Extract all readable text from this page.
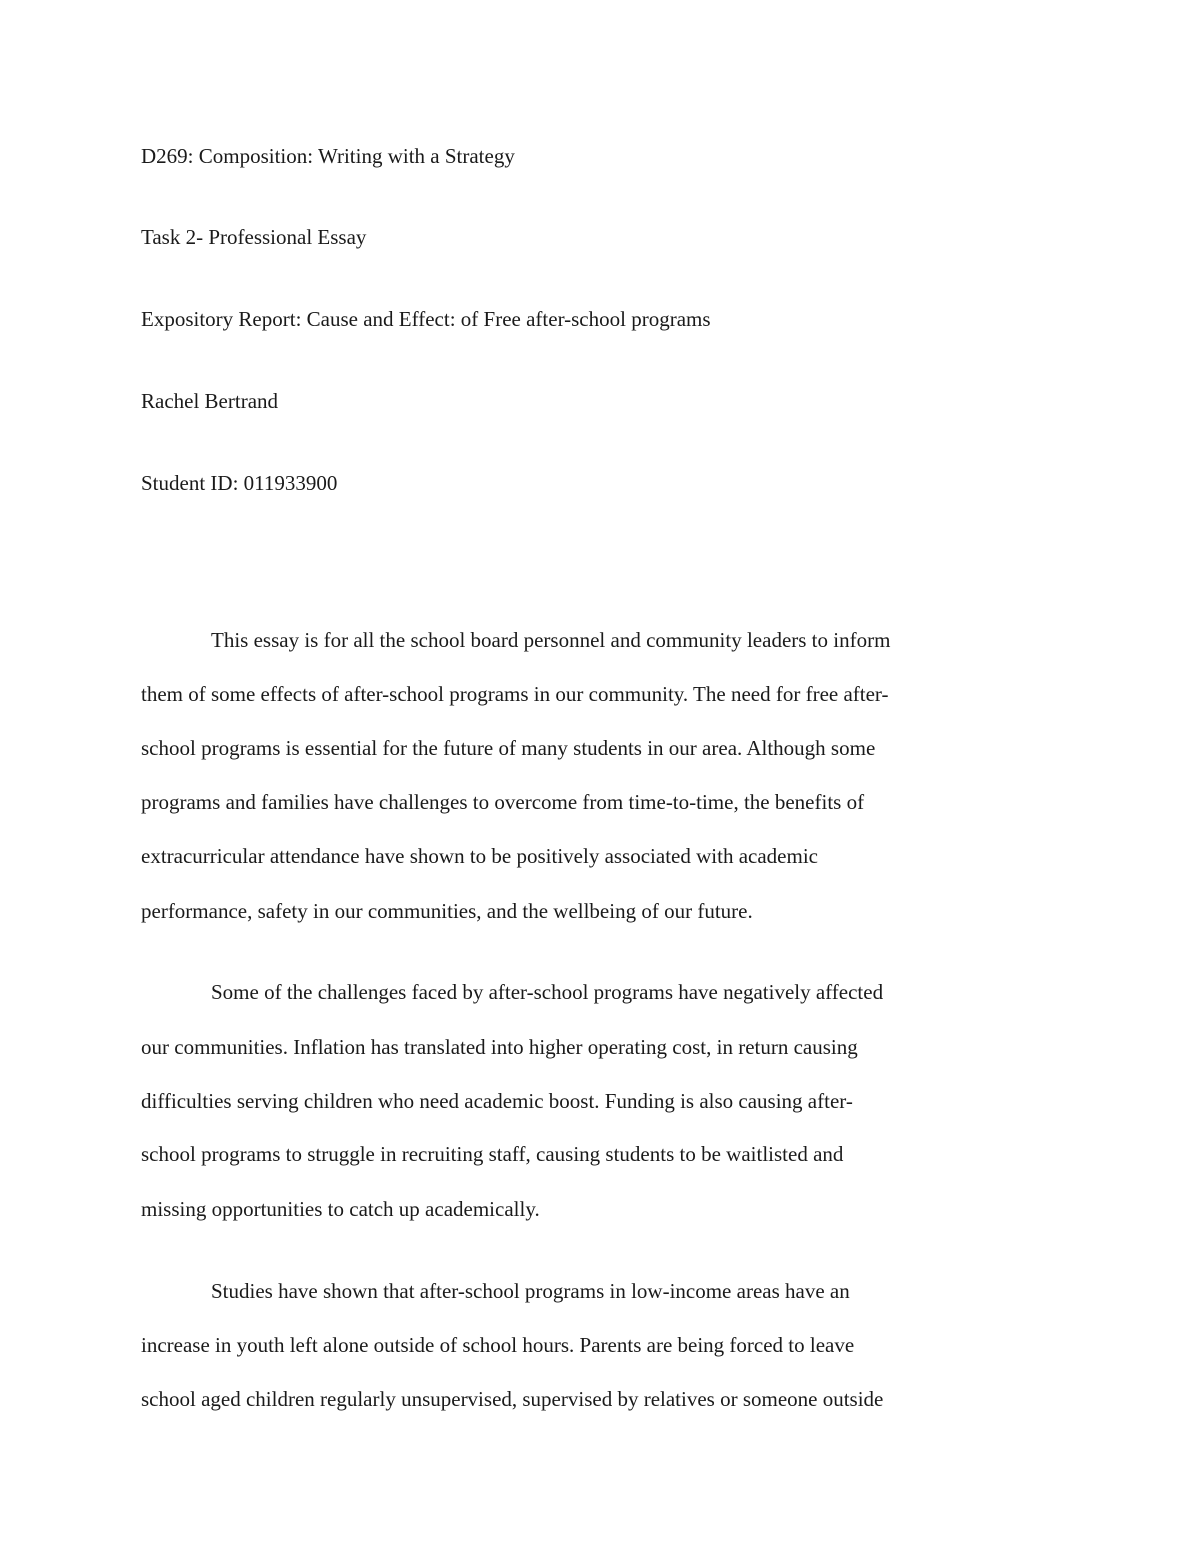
D269: Composition: Writing with a Strategy

Task 2- Professional Essay

Expository Report: Cause and Effect: of Free after-school programs

Rachel Bertrand

Student ID: 011933900

This essay is for all the school board personnel and community leaders to inform

them of some effects of after-school programs in our community. The need for free after-

school programs is essential for the future of many students in our area. Although some

programs and families have challenges to overcome from time-to-time, the benefits of

extracurricular attendance have shown to be positively associated with academic

performance, safety in our communities, and the wellbeing of our future.

Some of the challenges faced by after-school programs have negatively affected

our communities. Inflation has translated into higher operating cost, in return causing

difficulties serving children who need academic boost. Funding is also causing after-

school programs to struggle in recruiting staff, causing students to be waitlisted and

missing opportunities to catch up academically.

Studies have shown that after-school programs in low-income areas have an

increase in youth left alone outside of school hours. Parents are being forced to leave

school aged children regularly unsupervised, supervised by relatives or someone outside
